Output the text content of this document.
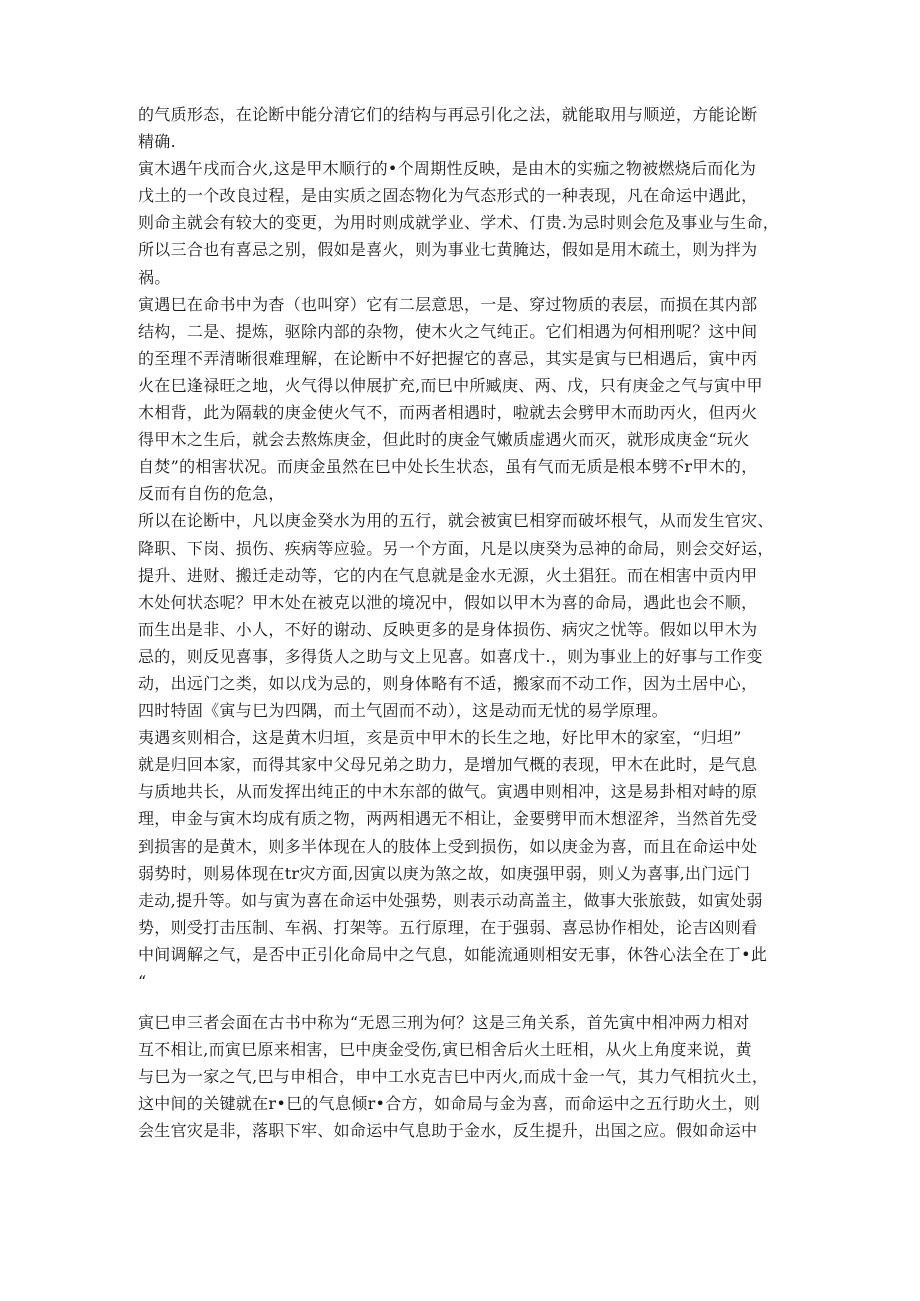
的气质形态，在论断中能分清它们的结构与再忌引化之法，就能取用与顺逆，方能论断
精确.
寅木遇午戌而合火,这是甲木顺行的•个周期性反映，是由木的实痂之物被燃烧后而化为
戊土的一个改良过程，是由实质之固态物化为气态形式的一种表现，凡在命运中遇此，
则命主就会有较大的变更，为用时则成就学业、学术、仃贵.为忌时则会危及事业与生命，
所以三合也有喜忌之别，假如是喜火，则为事业七黄腌达，假如是用木疏土，则为拌为
祸。
寅遇巳在命书中为杳（也叫穿）它有二层意思，一是、穿过物质的表层，而损在其内部
结构，二是、提炼，驱除内部的杂物，使木火之气纯正。它们相遇为何相刑呢？这中间
的至理不弄清晰很难理解，在论断中不好把握它的喜忌，其实是寅与巳相遇后，寅中丙
火在巳逢禄旺之地，火气得以伸展扩充,而巳中所臧庚、两、戊，只有庚金之气与寅中甲
木相背，此为隔载的庚金使火气不，而两者相遇时，啦就去会劈甲木而助丙火，但丙火
得甲木之生后，就会去熬炼庚金，但此时的庚金气嫩质虚遇火而灭，就形成庚金“玩火
自焚”的相害状况。而庚金虽然在巳中处长生状态，虽有气而无质是根本劈不r甲木的，
反而有自伤的危急，
所以在论断中，凡以庚金癸水为用的五行，就会被寅巳相穿而破坏根气，从而发生官灾、
降职、下岗、损伤、疾病等应验。另一个方面，凡是以庚癸为忌神的命局，则会交好运，
提升、进财、搬迁走动等，它的内在气息就是金水无源，火土猖狂。而在相害中贡内甲
木处何状态呢？甲木处在被克以泄的境况中，假如以甲木为喜的命局，遇此也会不顺，
而生出是非、小人，不好的谢动、反映更多的是身体损伤、病灾之忧等。假如以甲木为
忌的，则反见喜事，多得货人之助与文上见喜。如喜戊十.，则为事业上的好事与工作变
动，出远门之类，如以戊为忌的，则身体略有不适，搬家而不动工作，因为土居中心，
四时特固《寅与巳为四隅，而土气固而不动），这是动而无忧的易学原理。
夷遇亥则相合，这是黄木归垣，亥是贡中甲木的长生之地，好比甲木的家室，“归坦”
就是归回本家，而得其家中父母兄弟之助力，是增加气概的表现，甲木在此时，是气息
与质地共长，从而发挥出纯正的中木东部的做气。寅遇申则相冲，这是易卦相对峙的原
理，申金与寅木均成有质之物，两两相遇无不相让，金要劈甲而木想涩斧，当然首先受
到损害的是黄木，则多半体现在人的肢体上受到损伤，如以庚金为喜，而且在命运中处
弱势时，则易体现在tr灾方面,因寅以庚为煞之故，如庚强甲弱，则乂为喜事,出门远门
走动,提升等。如与寅为喜在命运中处强势，则表示动高盖主，做事大张旅鼓，如寅处弱
势，则受打击压制、车祸、打架等。五行原理，在于强弱、喜忌协作相处，论吉凶则看
中间调解之气，是否中正引化命局中之气息，如能流通则相安无事，休咎心法全在丁•此
“
寅巳申三者会面在古书中称为“无恩三刑为何？这是三角关系，首先寅中相冲两力相对
互不相让,而寅巳原来相害，巳中庚金受伤,寅巳相舍后火土旺相，从火上角度来说，黄
与巳为一家之气,巴与申相合，申中工水克吉巳中丙火,而成十金一气，其力气相抗火土，
这中间的关键就在r•巳的气息倾r•合方，如命局与金为喜，而命运中之五行助火土，则
会生官灾是非，落职下牢、如命运中气息助于金水，反生提升，出国之应。假如命运中
